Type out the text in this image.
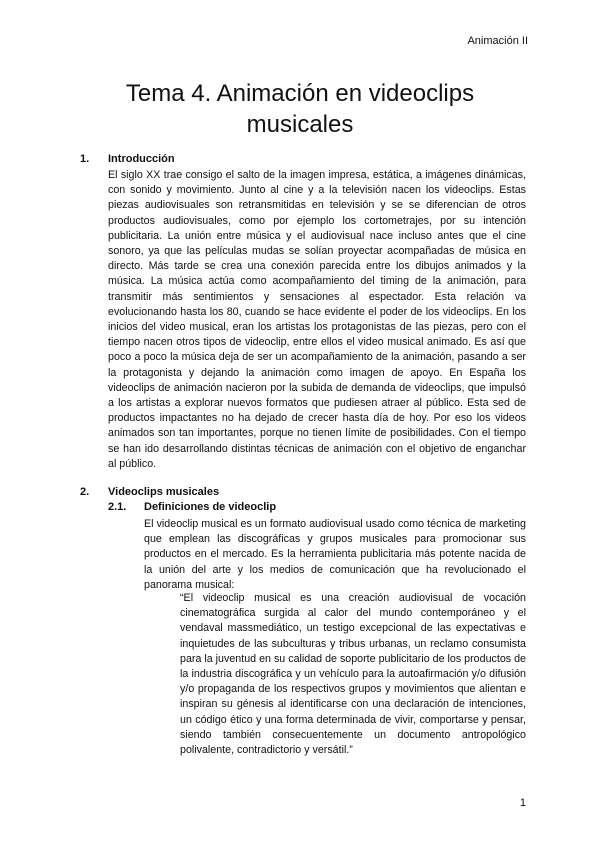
Animación II
Tema 4. Animación en videoclips
musicales
1. Introducción

El siglo XX trae consigo el salto de la imagen impresa, estática, a imágenes dinámicas, con sonido y movimiento. Junto al cine y a la televisión nacen los videoclips. Estas piezas audiovisuales son retransmitidas en televisión y se se diferencian de otros productos audiovisuales, como por ejemplo los cortometrajes, por su intención publicitaria. La unión entre música y el audiovisual nace incluso antes que el cine sonoro, ya que las películas mudas se solían proyectar acompañadas de música en directo. Más tarde se crea una conexión parecida entre los dibujos animados y la música. La música actúa como acompañamiento del timing de la animación, para transmitir más sentimientos y sensaciones al espectador. Esta relación va evolucionando hasta los 80, cuando se hace evidente el poder de los videoclips. En los inicios del video musical, eran los artistas los protagonistas de las piezas, pero con el tiempo nacen otros tipos de videoclip, entre ellos el video musical animado. Es así que poco a poco la música deja de ser un acompañamiento de la animación, pasando a ser la protagonista y dejando la animación como imagen de apoyo. En España los videoclips de animación nacieron por la subida de demanda de videoclips, que impulsó a los artistas a explorar nuevos formatos que pudiesen atraer al público. Esta sed de productos impactantes no ha dejado de crecer hasta día de hoy. Por eso los videos animados son tan importantes, porque no tienen límite de posibilidades. Con el tiempo se han ido desarrollando distintas técnicas de animación con el objetivo de enganchar al público.

2. Videoclips musicales
2.1. Definiciones de videoclip

El videoclip musical es un formato audiovisual usado como técnica de marketing que emplean las discográficas y grupos musicales para promocionar sus productos en el mercado. Es la herramienta publicitaria más potente nacida de la unión del arte y los medios de comunicación que ha revolucionado el panorama musical:

“El videoclip musical es una creación audiovisual de vocación cinematográfica surgida al calor del mundo contemporáneo y el vendaval massmediático, un testigo excepcional de las expectativas e inquietudes de las subculturas y tribus urbanas, un reclamo consumista para la juventud en su calidad de soporte publicitario de los productos de la industria discográfica y un vehículo para la autoafirmación y/o difusión y/o propaganda de los respectivos grupos y movimientos que alientan e inspiran su génesis al identificarse con una declaración de intenciones, un código ético y una forma determinada de vivir, comportarse y pensar, siendo también consecuentemente un documento antropológico polivalente, contradictorio y versátil.”

1
